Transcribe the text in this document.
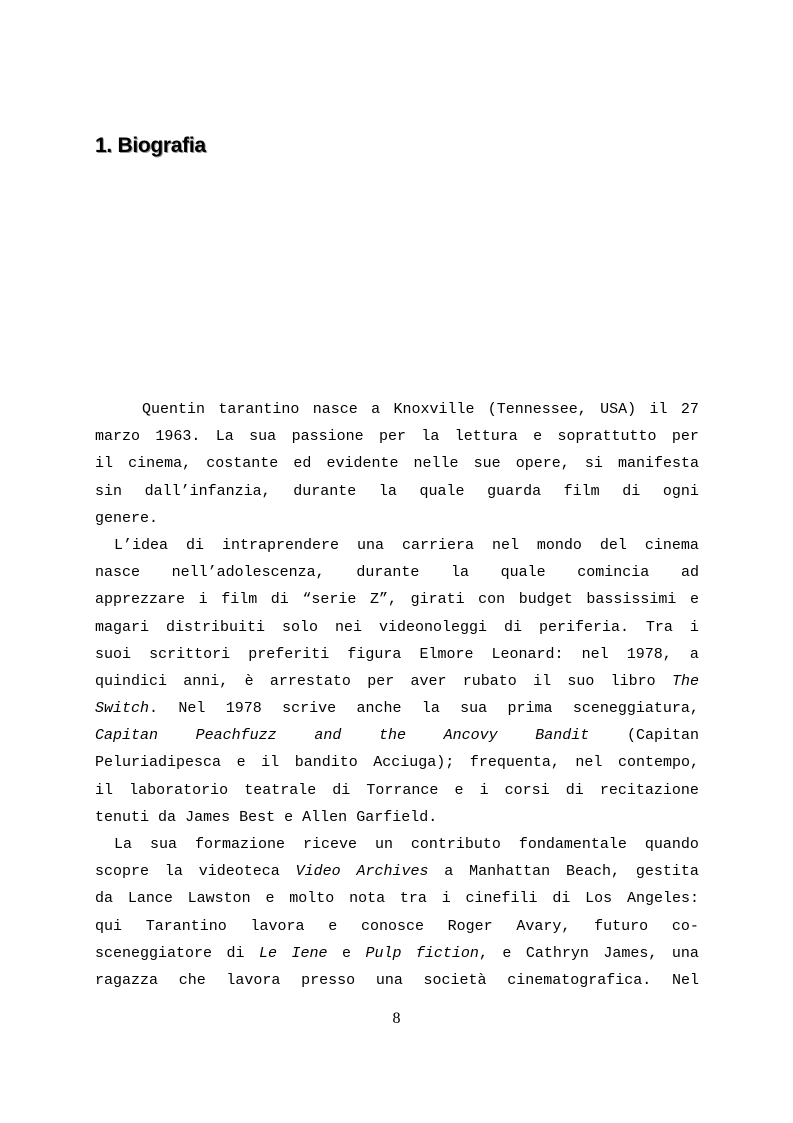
1. Biografia
Quentin tarantino nasce a Knoxville (Tennessee, USA) il 27
marzo 1963. La sua passione per la lettura e soprattutto per
il cinema, costante ed evidente nelle sue opere, si manifesta
sin dall’infanzia, durante la quale guarda film di ogni
genere.
L’idea di intraprendere una carriera nel mondo del cinema
nasce nell’adolescenza, durante la quale comincia ad
apprezzare i film di “serie Z”, girati con budget bassissimi e
magari distribuiti solo nei videonoleggi di periferia. Tra i
suoi scrittori preferiti figura Elmore Leonard: nel 1978, a
quindici anni, è arrestato per aver rubato il suo libro The
Switch. Nel 1978 scrive anche la sua prima sceneggiatura,
Capitan	Peachfuzz	and	the	Ancovy	Bandit	(Capitan
Peluriadipesca e il bandito Acciuga); frequenta, nel contempo,
il laboratorio teatrale di Torrance e i corsi di recitazione
tenuti da James Best e Allen Garfield.
La sua formazione riceve un contributo fondamentale quando
scopre la videoteca Video Archives a Manhattan Beach, gestita
da Lance Lawston e molto nota tra i cinefili di Los Angeles:
qui Tarantino lavora e conosce Roger Avary, futuro co-
sceneggiatore di Le Iene e Pulp fiction, e Cathryn James, una
ragazza che lavora presso una società cinematografica. Nel
8
